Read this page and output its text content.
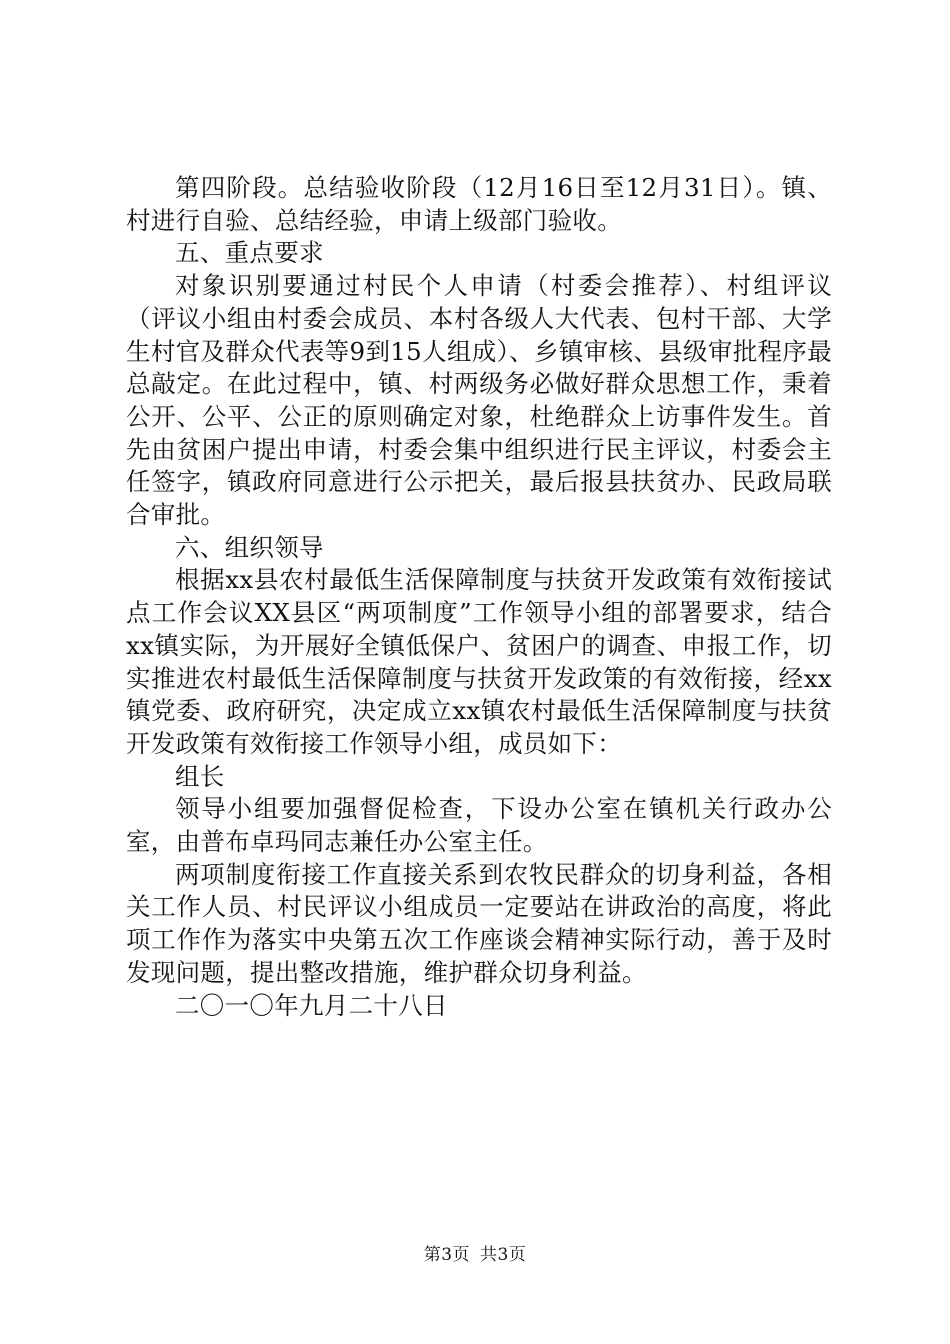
第四阶段。总结验收阶段（12月16日至12月31日）。镇、村进行自验、总结经验，申请上级部门验收。

五、重点要求

对象识别要通过村民个人申请（村委会推荐）、村组评议（评议小组由村委会成员、本村各级人大代表、包村干部、大学生村官及群众代表等9到15人组成）、乡镇审核、县级审批程序最总敲定。在此过程中，镇、村两级务必做好群众思想工作，秉着公开、公平、公正的原则确定对象，杜绝群众上访事件发生。首先由贫困户提出申请，村委会集中组织进行民主评议，村委会主任签字，镇政府同意进行公示把关，最后报县扶贫办、民政局联合审批。

六、组织领导

根据xx县农村最低生活保障制度与扶贫开发政策有效衔接试点工作会议XX县区“两项制度”工作领导小组的部署要求，结合xx镇实际，为开展好全镇低保户、贫困户的调查、申报工作，切实推进农村最低生活保障制度与扶贫开发政策的有效衔接，经xx镇党委、政府研究，决定成立xx镇农村最低生活保障制度与扶贫开发政策有效衔接工作领导小组，成员如下：

组长

领导小组要加强督促检查，下设办公室在镇机关行政办公室，由普布卓玛同志兼任办公室主任。

两项制度衔接工作直接关系到农牧民群众的切身利益，各相关工作人员、村民评议小组成员一定要站在讲政治的高度，将此项工作作为落实中央第五次工作座谈会精神实际行动，善于及时发现问题，提出整改措施，维护群众切身利益。

二〇一〇年九月二十八日

第3页 共3页
